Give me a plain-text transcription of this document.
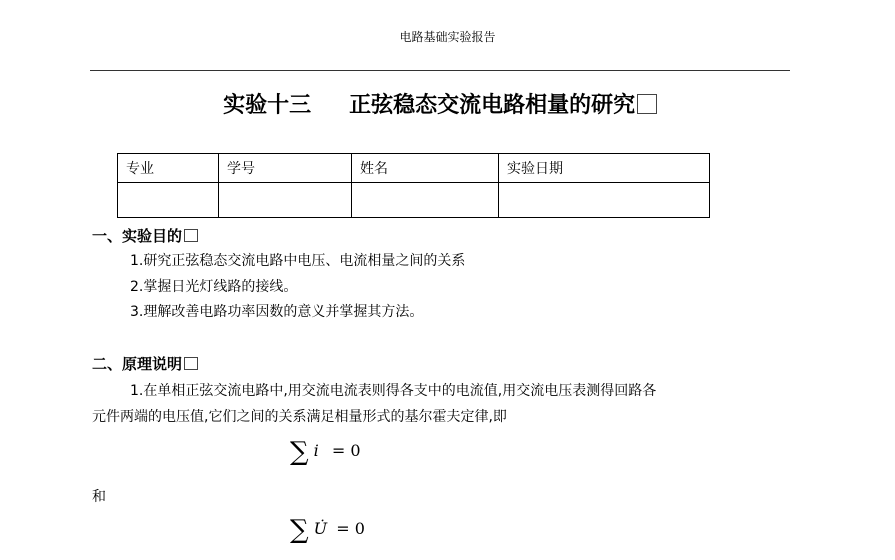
电路基础实验报告
实验十三 正弦稳态交流电路相量的研究
专业	学号	姓名	实验日期

一、实验目的
1.研究正弦稳态交流电路中电压、电流相量之间的关系
2.掌握日光灯线路的接线。
3.理解改善电路功率因数的意义并掌握其方法。
二、原理说明
1.在单相正弦交流电路中,用交流电流表则得各支中的电流值,用交流电压表测得回路各
元件两端的电压值,它们之间的关系满足相量形式的基尔霍夫定律,即
∑ i = 0
和
∑ U̇ = 0
